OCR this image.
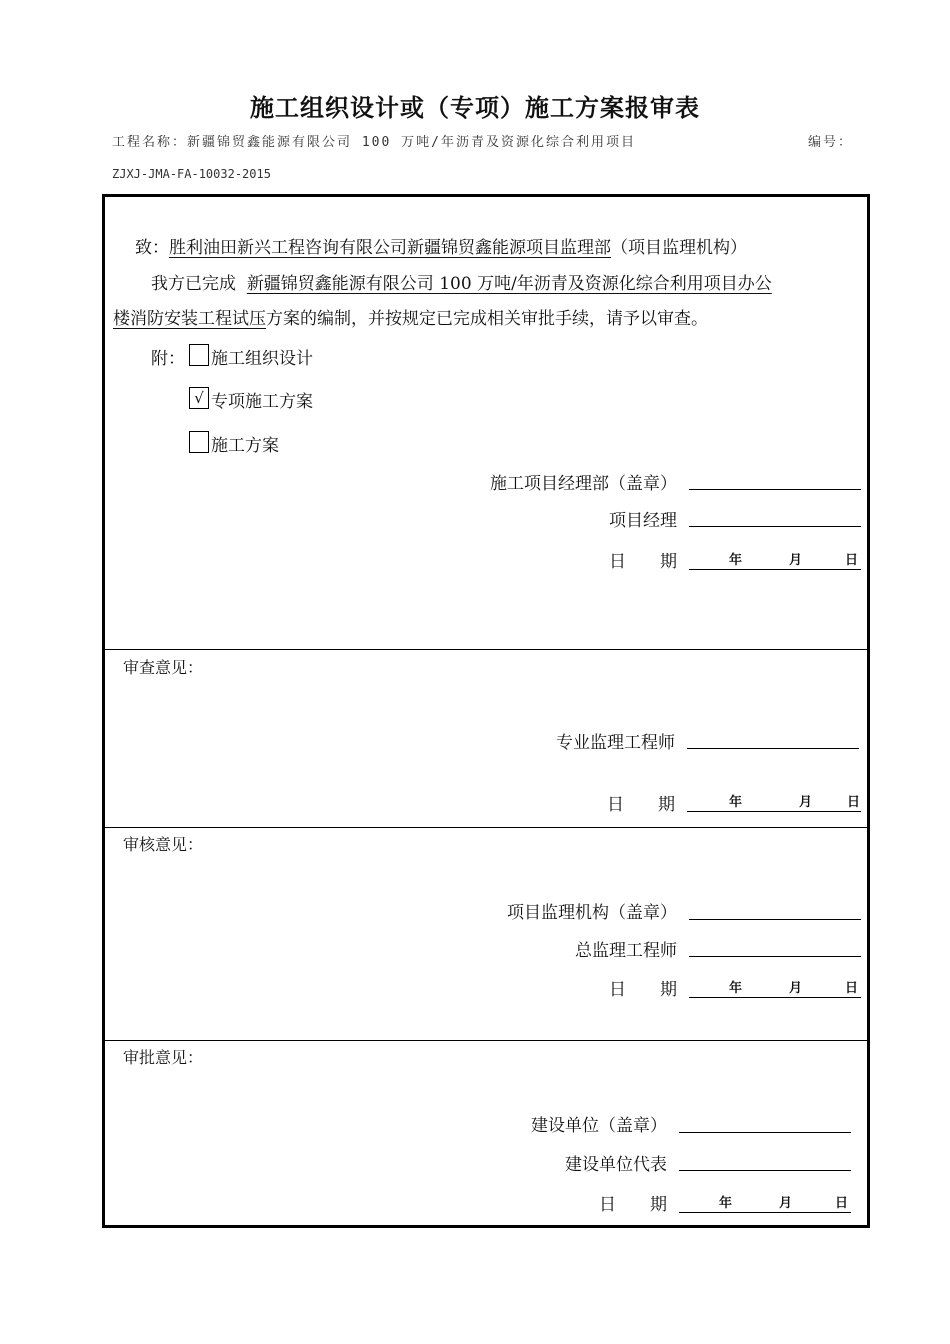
施工组织设计或（专项）施工方案报审表
工程名称：新疆锦贸鑫能源有限公司 100 万吨/年沥青及资源化综合利用项目	编号：
ZJXJ-JMA-FA-10032-2015
致：胜利油田新兴工程咨询有限公司新疆锦贸鑫能源项目监理部（项目监理机构）
我方已完成 新疆锦贸鑫能源有限公司 100 万吨/年沥青及资源化综合利用项目办公
楼消防安装工程试压方案的编制，并按规定已完成相关审批手续，请予以审查。
附： 施工组织设计
√ 专项施工方案
施工方案
施工项目经理部（盖章）
项目经理
日　　期	年	月	日
审查意见：
专业监理工程师
日　　期	年	月	日
审核意见：
项目监理机构（盖章）
总监理工程师
日　　期	年	月	日
审批意见：
建设单位（盖章）
建设单位代表
日　　期	年	月	日
